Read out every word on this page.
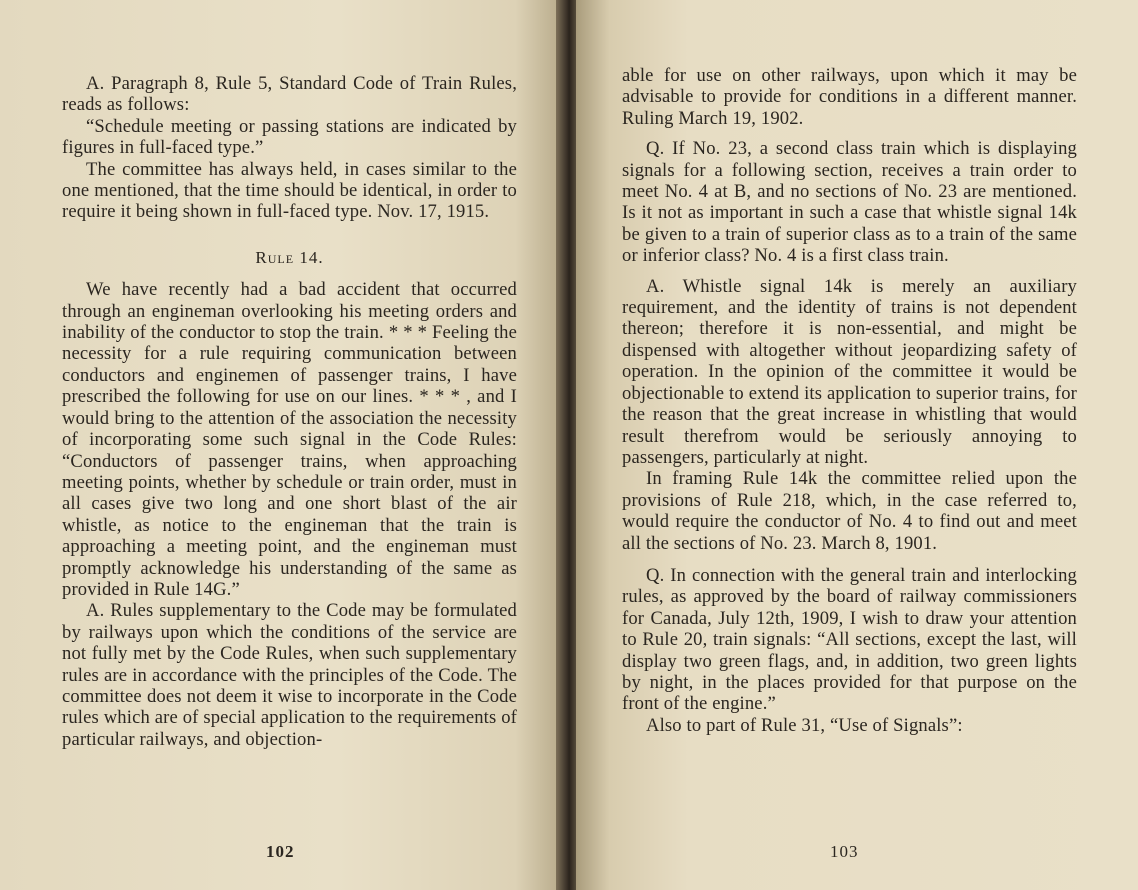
A. Paragraph 8, Rule 5, Standard Code of Train Rules, reads as follows:

“Schedule meeting or passing stations are indicated by figures in full-faced type.”

The committee has always held, in cases similar to the one mentioned, that the time should be identical, in order to require it being shown in full-faced type. Nov. 17, 1915.

Rule 14.

We have recently had a bad accident that occurred through an engineman overlooking his meeting orders and inability of the conductor to stop the train. * * * Feeling the necessity for a rule requiring communication between conductors and enginemen of passenger trains, I have prescribed the following for use on our lines. * * * , and I would bring to the attention of the association the necessity of incorporating some such signal in the Code Rules: “Conductors of passenger trains, when approaching meeting points, whether by schedule or train order, must in all cases give two long and one short blast of the air whistle, as notice to the engineman that the train is approaching a meeting point, and the engineman must promptly acknowledge his understanding of the same as provided in Rule 14G.”

A. Rules supplementary to the Code may be formulated by railways upon which the conditions of the service are not fully met by the Code Rules, when such supplementary rules are in accordance with the principles of the Code. The committee does not deem it wise to incorporate in the Code rules which are of special application to the requirements of particular railways, and objection-

102

able for use on other railways, upon which it may be advisable to provide for conditions in a different manner. Ruling March 19, 1902.

Q. If No. 23, a second class train which is displaying signals for a following section, receives a train order to meet No. 4 at B, and no sections of No. 23 are mentioned. Is it not as important in such a case that whistle signal 14k be given to a train of superior class as to a train of the same or inferior class? No. 4 is a first class train.

A. Whistle signal 14k is merely an auxiliary requirement, and the identity of trains is not dependent thereon; therefore it is non-essential, and might be dispensed with altogether without jeopardizing safety of operation. In the opinion of the committee it would be objectionable to extend its application to superior trains, for the reason that the great increase in whistling that would result therefrom would be seriously annoying to passengers, particularly at night.

In framing Rule 14k the committee relied upon the provisions of Rule 218, which, in the case referred to, would require the conductor of No. 4 to find out and meet all the sections of No. 23. March 8, 1901.

Q. In connection with the general train and interlocking rules, as approved by the board of railway commissioners for Canada, July 12th, 1909, I wish to draw your attention to Rule 20, train signals: “All sections, except the last, will display two green flags, and, in addition, two green lights by night, in the places provided for that purpose on the front of the engine.”

Also to part of Rule 31, “Use of Signals”:

103
